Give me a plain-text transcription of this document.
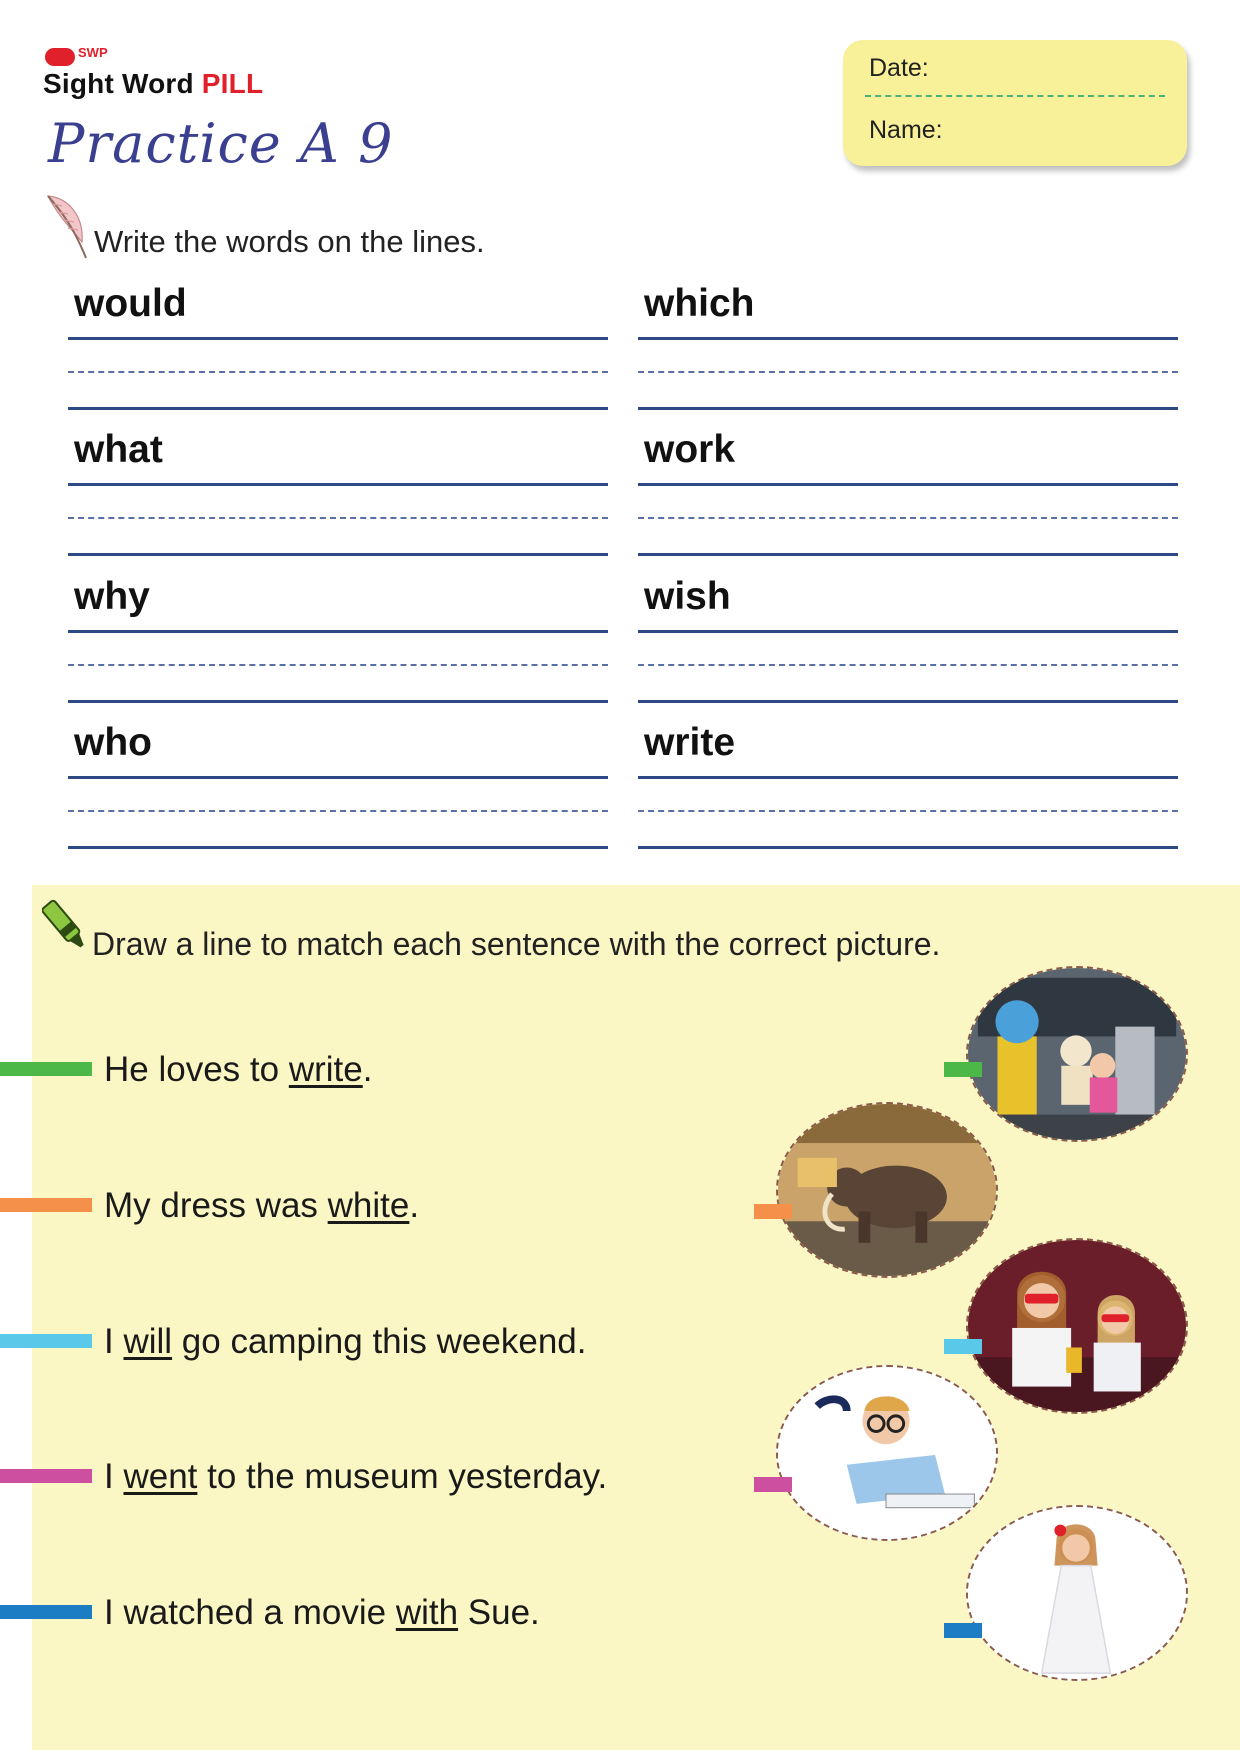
SWP
Sight Word PILL
Practice A 9
Date:
Name:
Write the words on the lines.
would	which
what	work
why	wish
who	write
Draw a line to match each sentence with the correct picture.
He loves to write.
My dress was white.
I will go camping this weekend.
I went to the museum yesterday.
I watched a movie with Sue.
